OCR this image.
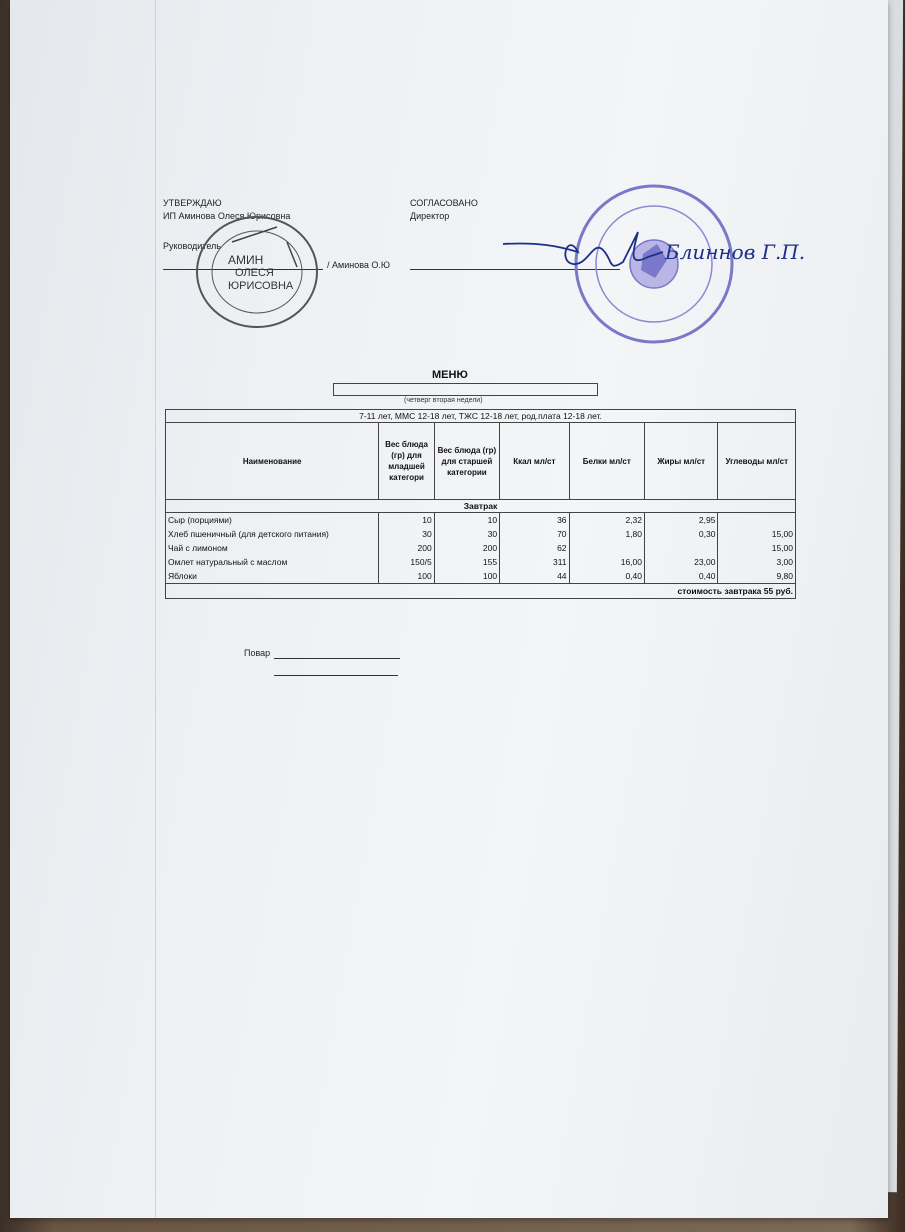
УТВЕРЖДАЮ
ИП Аминова Олеся Юрисовна
Руководитель
/ Аминова О.Ю
АМИН
ОЛЕСЯ
ЮРИСОВНА
СОГЛАСОВАНО
Директор
Блиннов Г.П.
МЕНЮ
(четверг вторая недели)
7-11 лет, ММС 12-18 лет, ТЖС 12-18 лет, род.плата 12-18 лет.						
Наименование	Вес блюда (гр) для младшей категори	Вес блюда (гр) для старшей категории	Ккал мл/ст	Белки мл/ст	Жиры мл/ст	Углеводы мл/ст
Завтрак						
Сыр (порциями)	10	10	36	2,32	2,95	
Хлеб пшеничный (для детского питания)	30	30	70	1,80	0,30	15,00
Чай с лимоном	200	200	62			15,00
Омлет натуральный с маслом	150/5	155	311	16,00	23,00	3,00
Яблоки	100	100	44	0,40	0,40	9,80
стоимость завтрака 55 руб.						
Повар
